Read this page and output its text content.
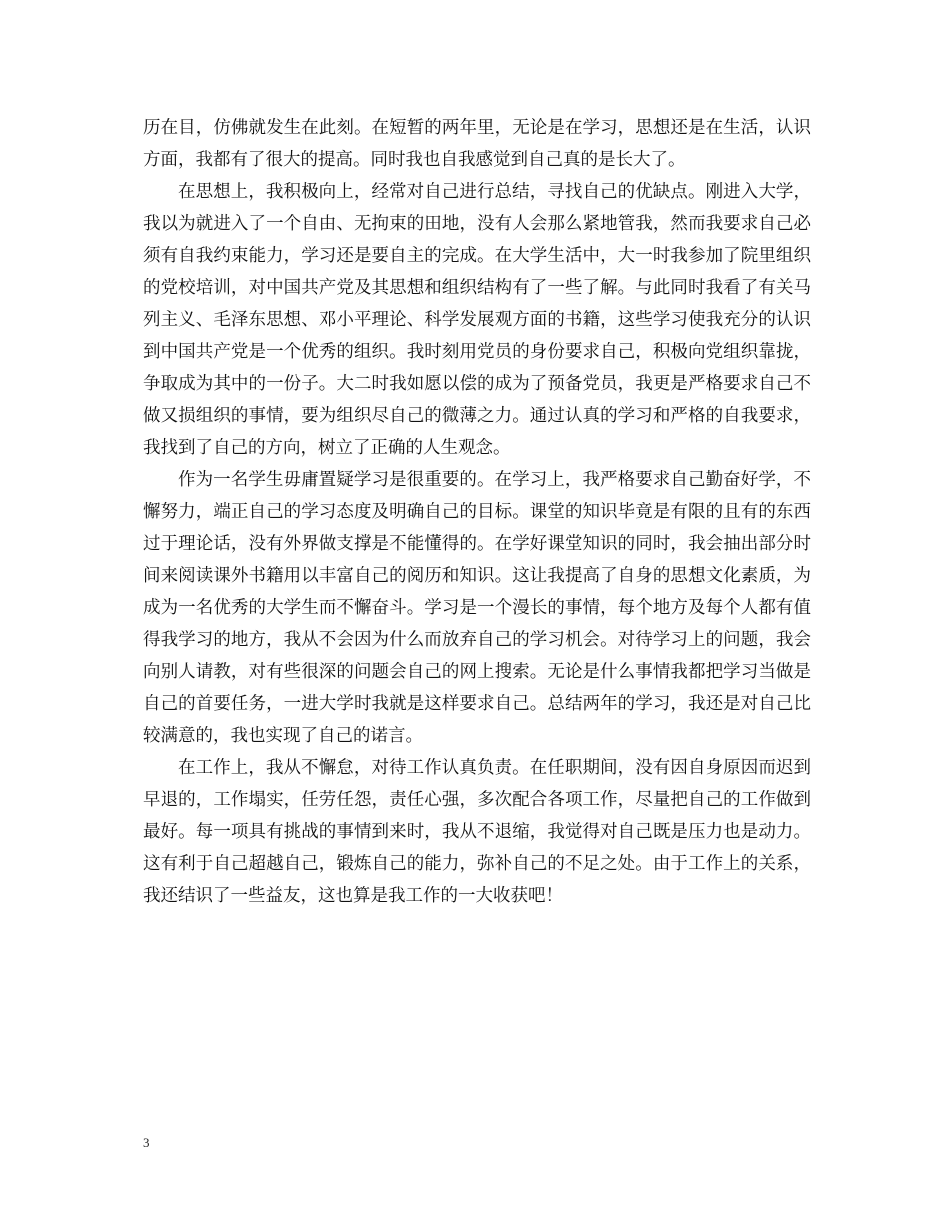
历在目，仿佛就发生在此刻。在短暂的两年里，无论是在学习，思想还是在生活，认识方面，我都有了很大的提高。同时我也自我感觉到自己真的是长大了。

在思想上，我积极向上，经常对自己进行总结，寻找自己的优缺点。刚进入大学，我以为就进入了一个自由、无拘束的田地，没有人会那么紧地管我，然而我要求自己必须有自我约束能力，学习还是要自主的完成。在大学生活中，大一时我参加了院里组织的党校培训，对中国共产党及其思想和组织结构有了一些了解。与此同时我看了有关马列主义、毛泽东思想、邓小平理论、科学发展观方面的书籍，这些学习使我充分的认识到中国共产党是一个优秀的组织。我时刻用党员的身份要求自己，积极向党组织靠拢，争取成为其中的一份子。大二时我如愿以偿的成为了预备党员，我更是严格要求自己不做又损组织的事情，要为组织尽自己的微薄之力。通过认真的学习和严格的自我要求，我找到了自己的方向，树立了正确的人生观念。

作为一名学生毋庸置疑学习是很重要的。在学习上，我严格要求自己勤奋好学，不懈努力，端正自己的学习态度及明确自己的目标。课堂的知识毕竟是有限的且有的东西过于理论话，没有外界做支撑是不能懂得的。在学好课堂知识的同时，我会抽出部分时间来阅读课外书籍用以丰富自己的阅历和知识。这让我提高了自身的思想文化素质，为成为一名优秀的大学生而不懈奋斗。学习是一个漫长的事情，每个地方及每个人都有值得我学习的地方，我从不会因为什么而放弃自己的学习机会。对待学习上的问题，我会向别人请教，对有些很深的问题会自己的网上搜索。无论是什么事情我都把学习当做是自己的首要任务，一进大学时我就是这样要求自己。总结两年的学习，我还是对自己比较满意的，我也实现了自己的诺言。

在工作上，我从不懈怠，对待工作认真负责。在任职期间，没有因自身原因而迟到早退的，工作塌实，任劳任怨，责任心强，多次配合各项工作，尽量把自己的工作做到最好。每一项具有挑战的事情到来时，我从不退缩，我觉得对自己既是压力也是动力。这有利于自己超越自己，锻炼自己的能力，弥补自己的不足之处。由于工作上的关系，我还结识了一些益友，这也算是我工作的一大收获吧！

3
